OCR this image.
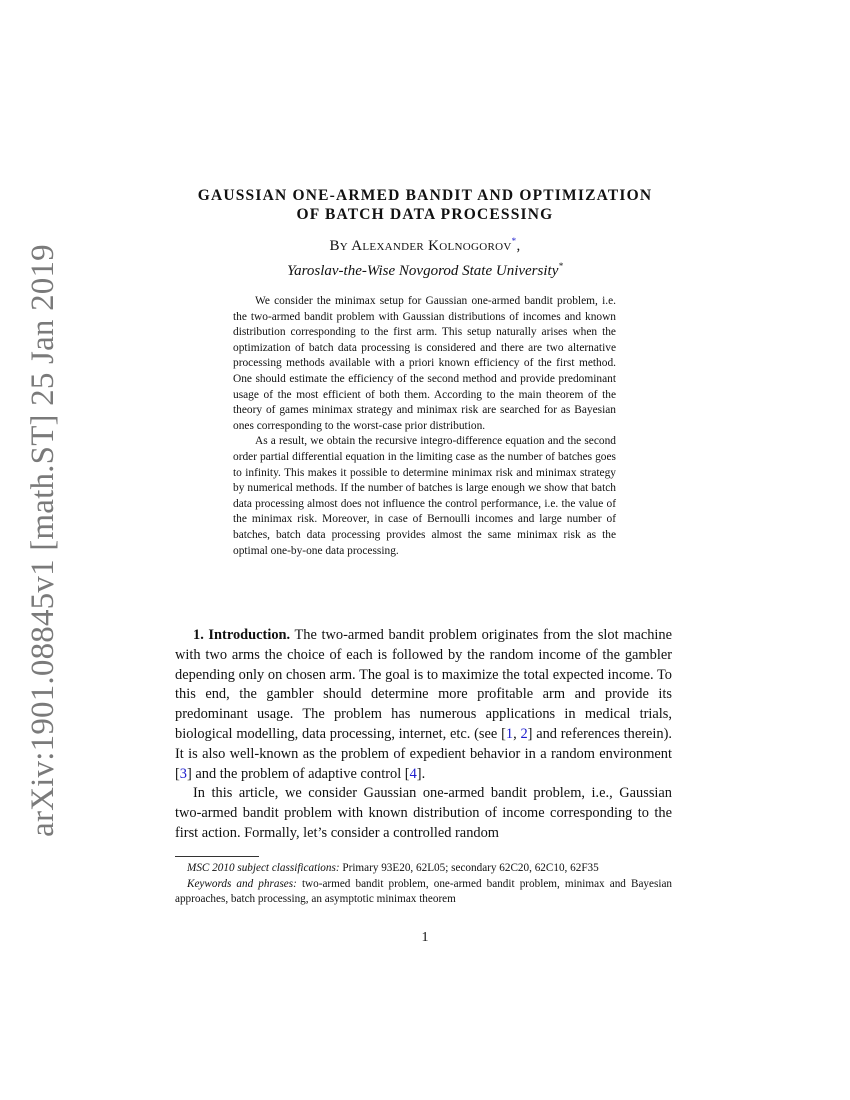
arXiv:1901.08845v1 [math.ST] 25 Jan 2019
GAUSSIAN ONE-ARMED BANDIT AND OPTIMIZATION
OF BATCH DATA PROCESSING
By Alexander Kolnogorov*,
Yaroslav-the-Wise Novgorod State University*

We consider the minimax setup for Gaussian one-armed bandit problem, i.e. the two-armed bandit problem with Gaussian distributions of incomes and known distribution corresponding to the first arm. This setup naturally arises when the optimization of batch data processing is considered and there are two alternative processing methods available with a priori known efficiency of the first method. One should estimate the efficiency of the second method and provide predominant usage of the most efficient of both them. According to the main theorem of the theory of games minimax strategy and minimax risk are searched for as Bayesian ones corresponding to the worst-case prior distribution.

As a result, we obtain the recursive integro-difference equation and the second order partial differential equation in the limiting case as the number of batches goes to infinity. This makes it possible to determine minimax risk and minimax strategy by numerical methods. If the number of batches is large enough we show that batch data processing almost does not influence the control performance, i.e. the value of the minimax risk. Moreover, in case of Bernoulli incomes and large number of batches, batch data processing provides almost the same minimax risk as the optimal one-by-one data processing.

1. Introduction. The two-armed bandit problem originates from the slot machine with two arms the choice of each is followed by the random income of the gambler depending only on chosen arm. The goal is to maximize the total expected income. To this end, the gambler should determine more profitable arm and provide its predominant usage. The problem has numerous applications in medical trials, biological modelling, data processing, internet, etc. (see [1, 2] and references therein). It is also well-known as the problem of expedient behavior in a random environment [3] and the problem of adaptive control [4].

In this article, we consider Gaussian one-armed bandit problem, i.e., Gaussian two-armed bandit problem with known distribution of income corresponding to the first action. Formally, let’s consider a controlled random

MSC 2010 subject classifications: Primary 93E20, 62L05; secondary 62C20, 62C10, 62F35

Keywords and phrases: two-armed bandit problem, one-armed bandit problem, minimax and Bayesian approaches, batch processing, an asymptotic minimax theorem

1
